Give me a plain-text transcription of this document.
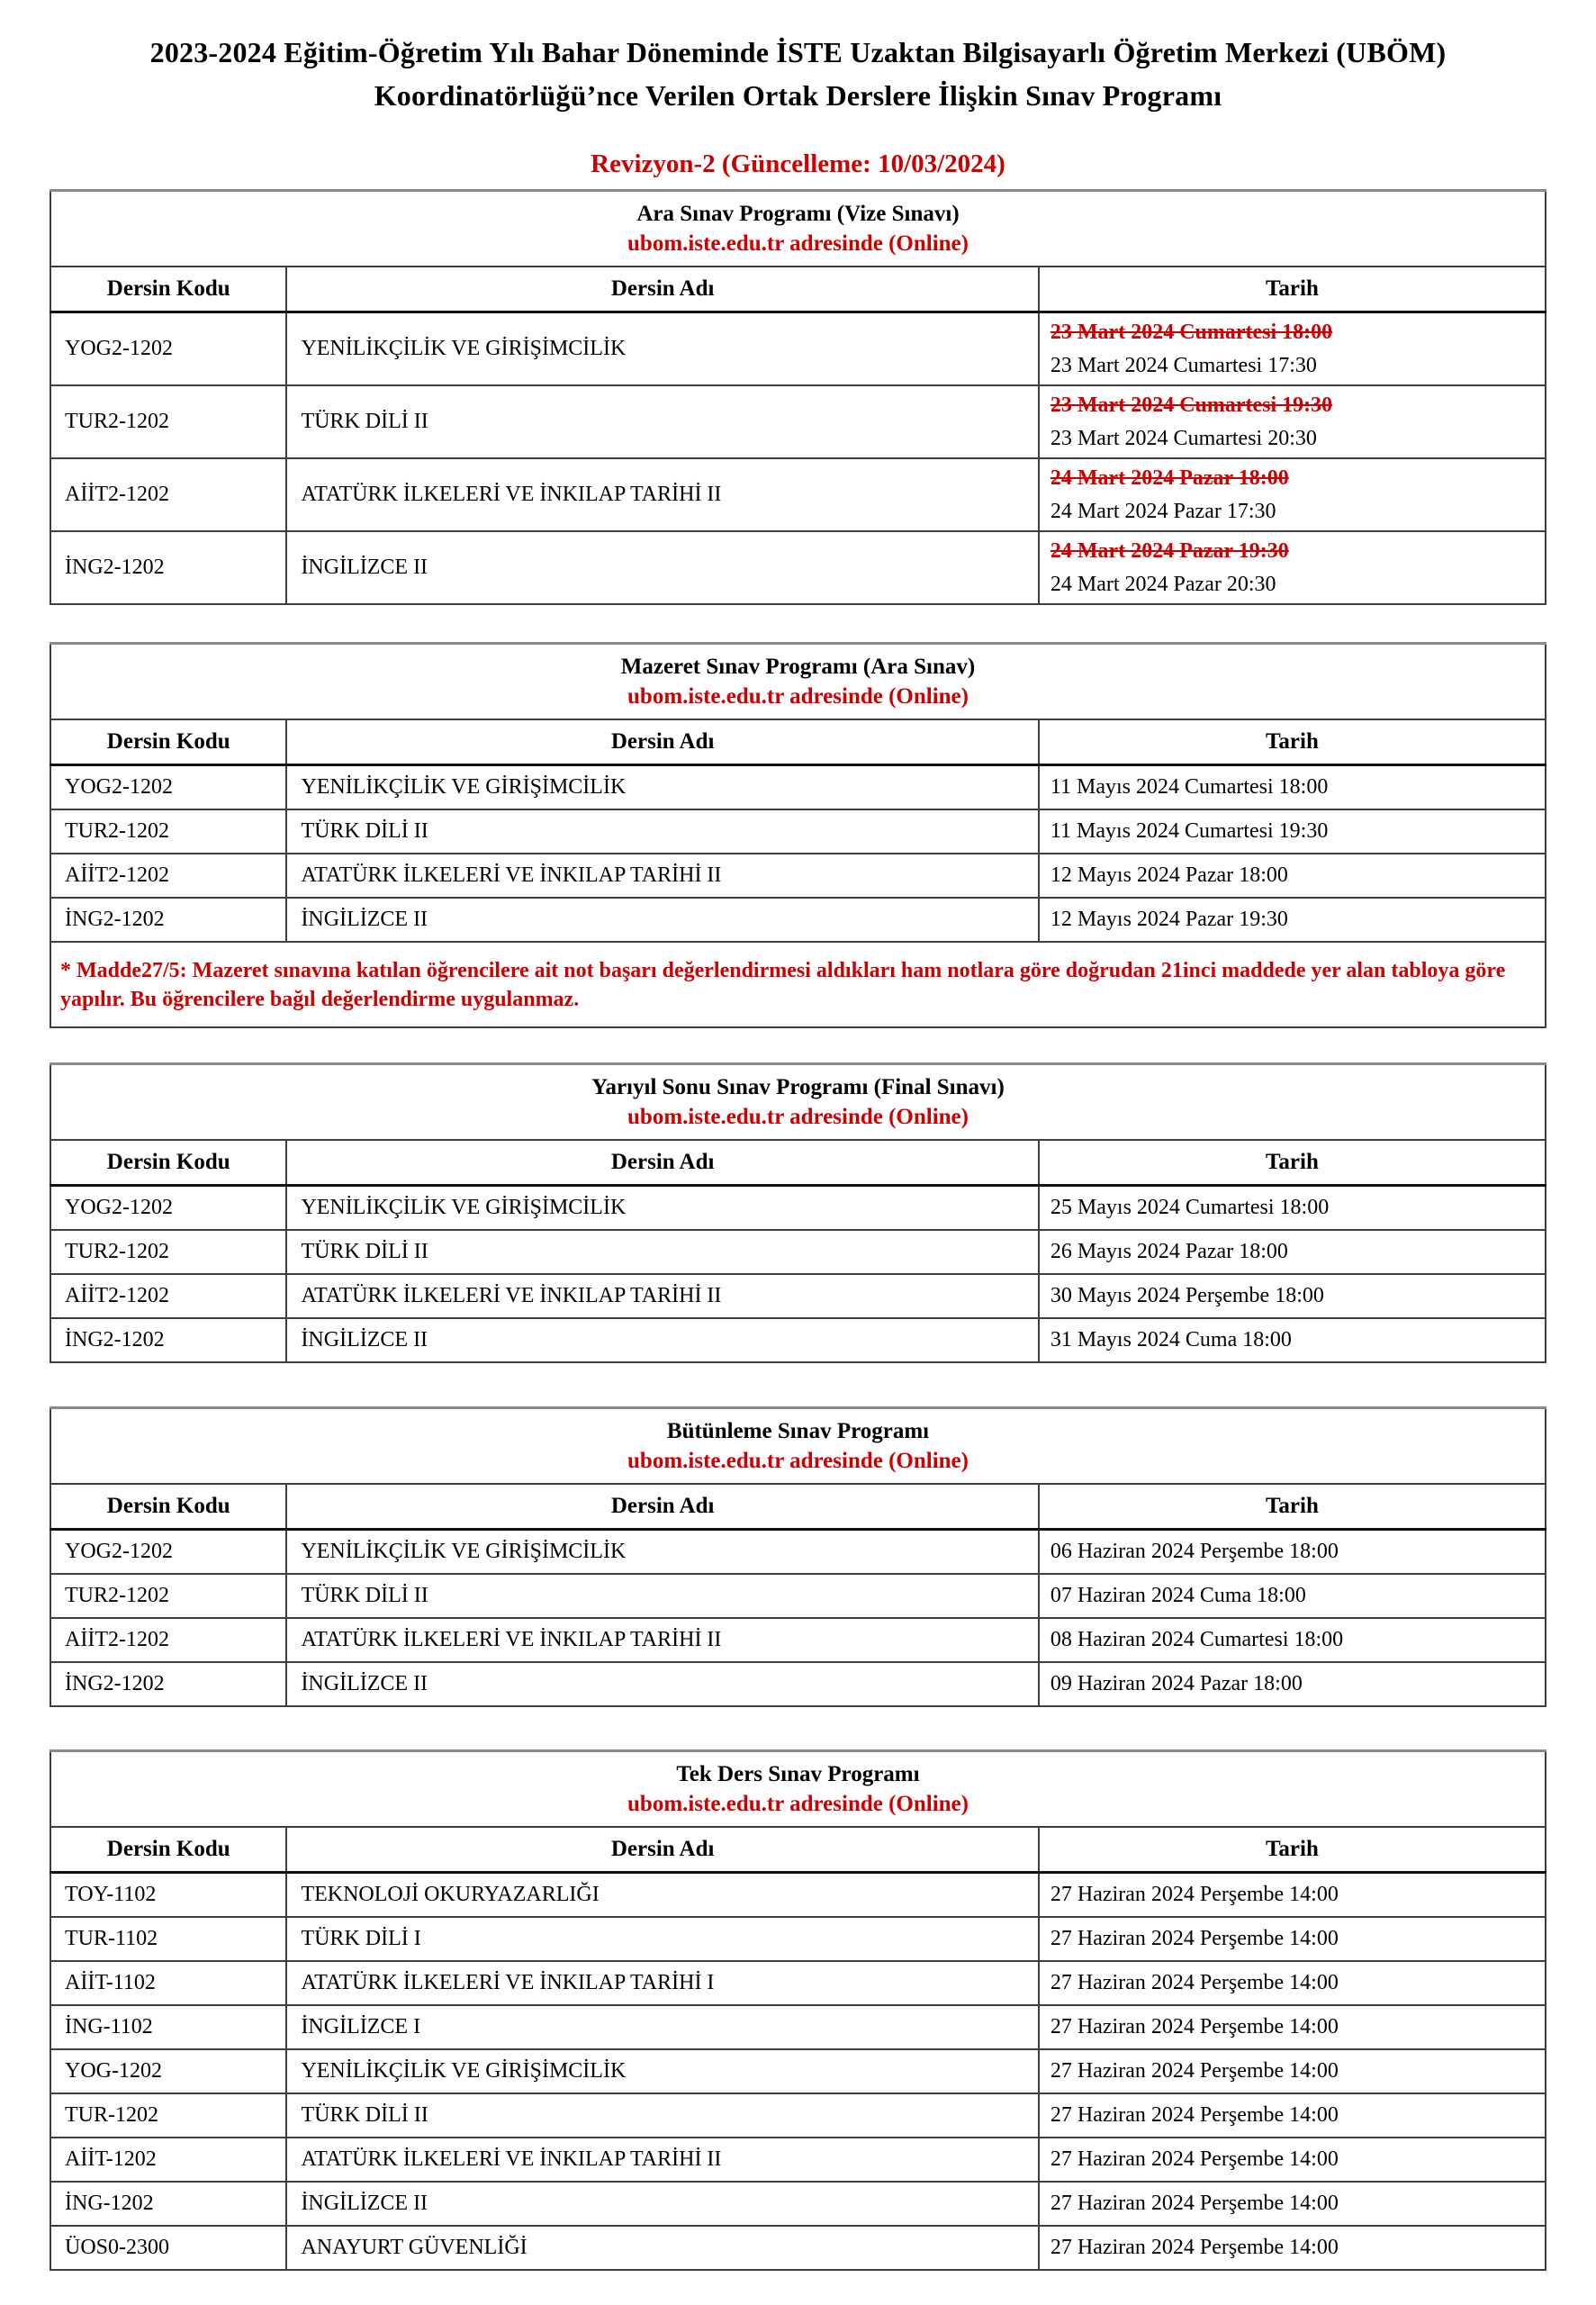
2023-2024 Eğitim-Öğretim Yılı Bahar Döneminde İSTE Uzaktan Bilgisayarlı Öğretim Merkezi (UBÖM)
Koordinatörlüğü’nce Verilen Ortak Derslere İlişkin Sınav Programı
Revizyon-2 (Güncelleme: 10/03/2024)
Ara Sınav Programı (Vize Sınavı)
ubom.iste.edu.tr adresinde (Online)		

Dersin Kodu	Dersin Adı	Tarih
YOG2-1202	YENİLİKÇİLİK VE GİRİŞİMCİLİK	23 Mart 2024 Cumartesi 18:00
23 Mart 2024 Cumartesi 17:30

TUR2-1202	TÜRK DİLİ II	23 Mart 2024 Cumartesi 19:30
23 Mart 2024 Cumartesi 20:30

AİİT2-1202	ATATÜRK İLKELERİ VE İNKILAP TARİHİ II	24 Mart 2024 Pazar 18:00
24 Mart 2024 Pazar 17:30

İNG2-1202	İNGİLİZCE II	24 Mart 2024 Pazar 19:30
24 Mart 2024 Pazar 20:30
Mazeret Sınav Programı (Ara Sınav)
ubom.iste.edu.tr adresinde (Online)		

Dersin Kodu	Dersin Adı	Tarih
YOG2-1202	YENİLİKÇİLİK VE GİRİŞİMCİLİK	11 Mayıs 2024 Cumartesi 18:00
TUR2-1202	TÜRK DİLİ II	11 Mayıs 2024 Cumartesi 19:30
AİİT2-1202	ATATÜRK İLKELERİ VE İNKILAP TARİHİ II	12 Mayıs 2024 Pazar 18:00
İNG2-1202	İNGİLİZCE II	12 Mayıs 2024 Pazar 19:30
* Madde27/5: Mazeret sınavına katılan öğrencilere ait not başarı değerlendirmesi aldıkları ham notlara göre doğrudan 21inci maddede yer alan tabloya göre yapılır. Bu öğrencilere bağıl değerlendirme uygulanmaz.		
Yarıyıl Sonu Sınav Programı (Final Sınavı)
ubom.iste.edu.tr adresinde (Online)		

Dersin Kodu	Dersin Adı	Tarih
YOG2-1202	YENİLİKÇİLİK VE GİRİŞİMCİLİK	25 Mayıs 2024 Cumartesi 18:00
TUR2-1202	TÜRK DİLİ II	26 Mayıs 2024 Pazar 18:00
AİİT2-1202	ATATÜRK İLKELERİ VE İNKILAP TARİHİ II	30 Mayıs 2024 Perşembe 18:00
İNG2-1202	İNGİLİZCE II	31 Mayıs 2024 Cuma 18:00
Bütünleme Sınav Programı
ubom.iste.edu.tr adresinde (Online)		

Dersin Kodu	Dersin Adı	Tarih
YOG2-1202	YENİLİKÇİLİK VE GİRİŞİMCİLİK	06 Haziran 2024 Perşembe 18:00
TUR2-1202	TÜRK DİLİ II	07 Haziran 2024 Cuma 18:00
AİİT2-1202	ATATÜRK İLKELERİ VE İNKILAP TARİHİ II	08 Haziran 2024 Cumartesi 18:00
İNG2-1202	İNGİLİZCE II	09 Haziran 2024 Pazar 18:00
Tek Ders Sınav Programı
ubom.iste.edu.tr adresinde (Online)		

Dersin Kodu	Dersin Adı	Tarih
TOY-1102	TEKNOLOJİ OKURYAZARLIĞI	27 Haziran 2024 Perşembe 14:00
TUR-1102	TÜRK DİLİ I	27 Haziran 2024 Perşembe 14:00
AİİT-1102	ATATÜRK İLKELERİ VE İNKILAP TARİHİ I	27 Haziran 2024 Perşembe 14:00
İNG-1102	İNGİLİZCE I	27 Haziran 2024 Perşembe 14:00
YOG-1202	YENİLİKÇİLİK VE GİRİŞİMCİLİK	27 Haziran 2024 Perşembe 14:00
TUR-1202	TÜRK DİLİ II	27 Haziran 2024 Perşembe 14:00
AİİT-1202	ATATÜRK İLKELERİ VE İNKILAP TARİHİ II	27 Haziran 2024 Perşembe 14:00
İNG-1202	İNGİLİZCE II	27 Haziran 2024 Perşembe 14:00
ÜOS0-2300	ANAYURT GÜVENLİĞİ	27 Haziran 2024 Perşembe 14:00
